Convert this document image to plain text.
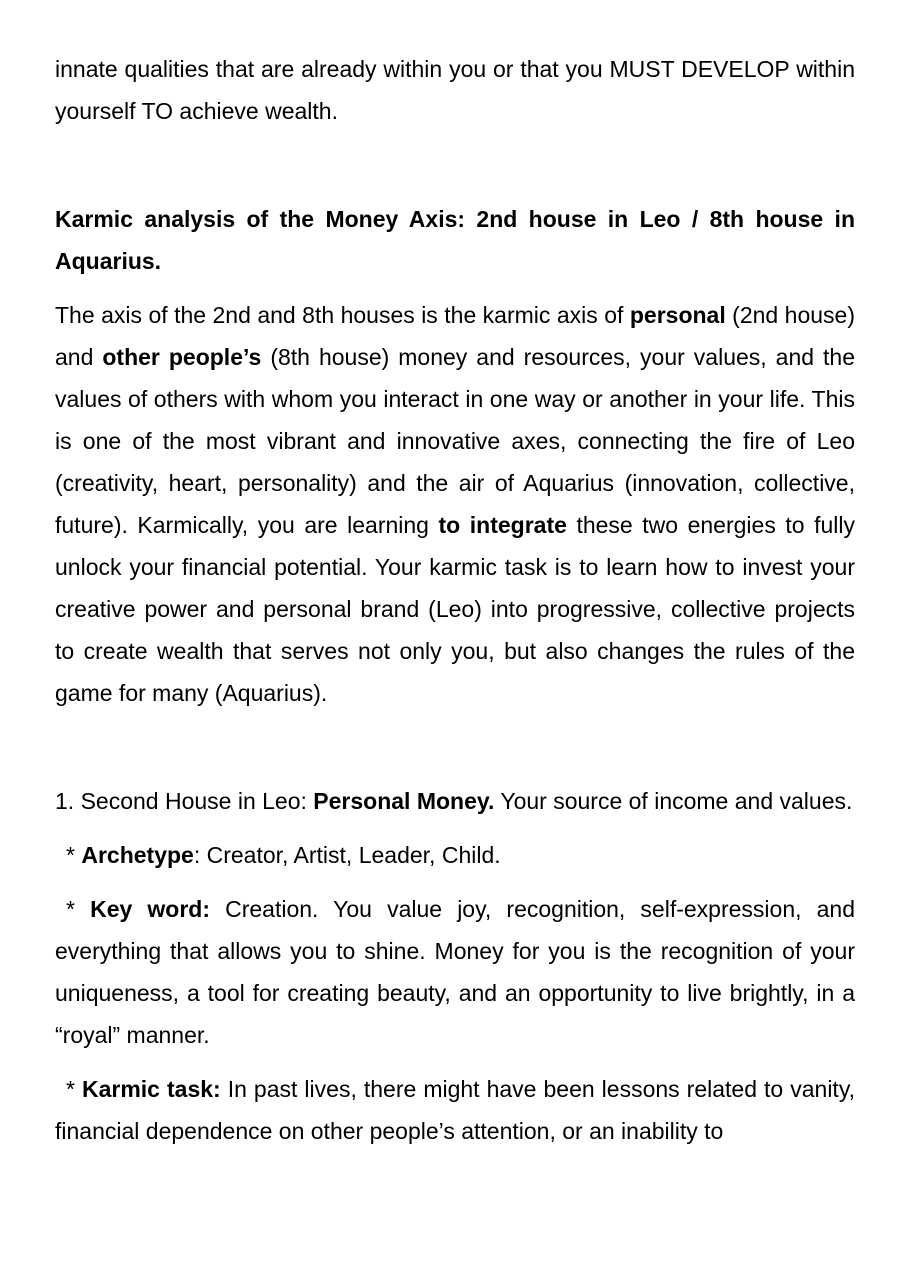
innate qualities that are already within you or that you MUST DEVELOP within yourself TO achieve wealth.

Karmic analysis of the Money Axis: 2nd house in Leo / 8th house in Aquarius.

The axis of the 2nd and 8th houses is the karmic axis of personal (2nd house) and other people’s (8th house) money and resources, your values, and the values of others with whom you interact in one way or another in your life. This is one of the most vibrant and innovative axes, connecting the fire of Leo (creativity, heart, personality) and the air of Aquarius (innovation, collective, future). Karmically, you are learning to integrate these two energies to fully unlock your financial potential. Your karmic task is to learn how to invest your creative power and personal brand (Leo) into progressive, collective projects to create wealth that serves not only you, but also changes the rules of the game for many (Aquarius).

1. Second House in Leo: Personal Money. Your source of income and values.

* Archetype: Creator, Artist, Leader, Child.

* Key word: Creation. You value joy, recognition, self-expression, and everything that allows you to shine. Money for you is the recognition of your uniqueness, a tool for creating beauty, and an opportunity to live brightly, in a “royal” manner.

* Karmic task: In past lives, there might have been lessons related to vanity, financial dependence on other people’s attention, or an inability to
